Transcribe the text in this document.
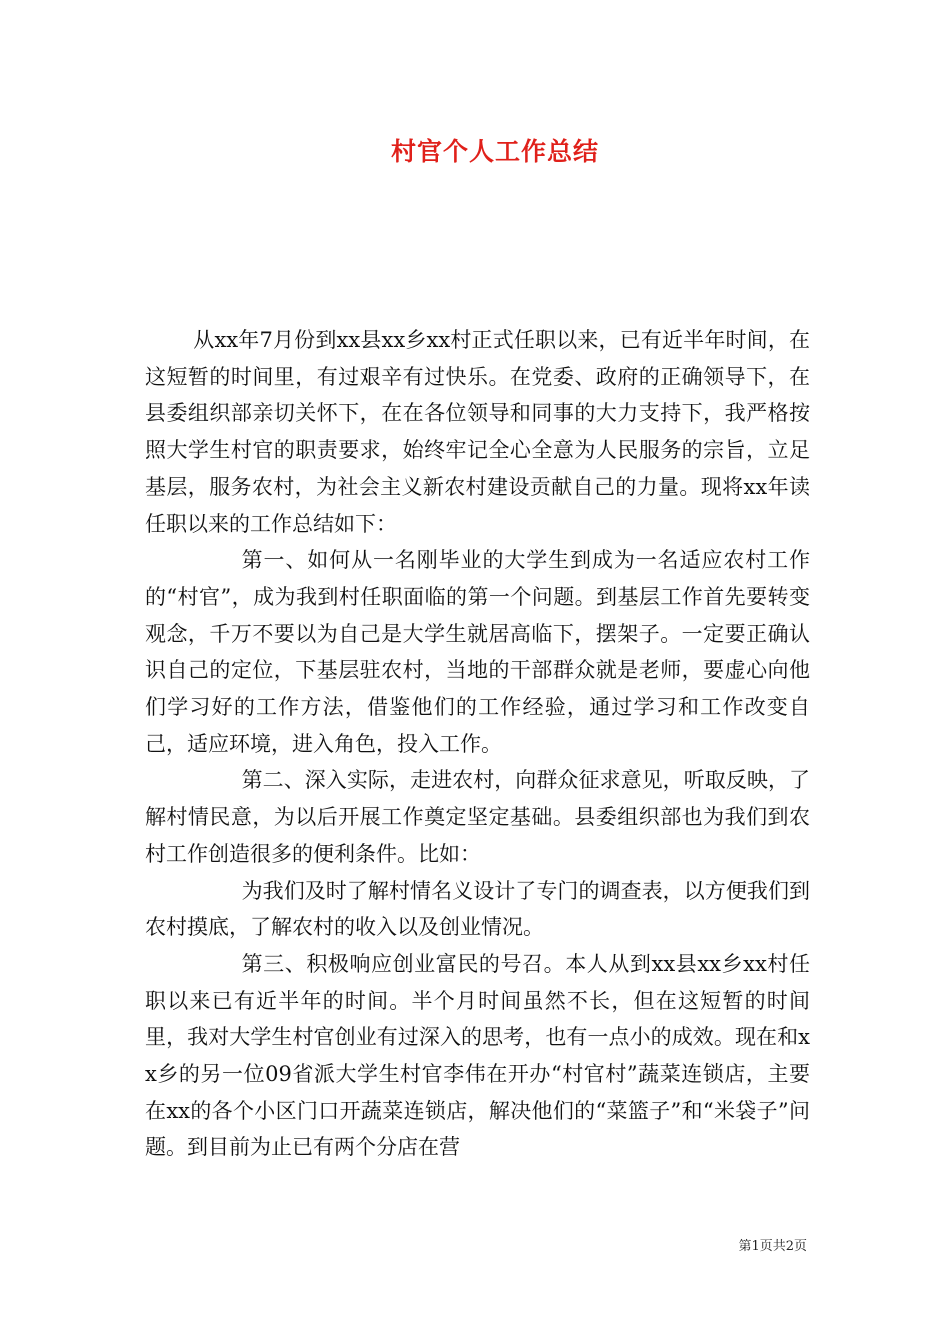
村官个人工作总结

从xx年7月份到xx县xx乡xx村正式任职以来，已有近半年时间，在这短暂的时间里，有过艰辛有过快乐。在党委、政府的正确领导下，在县委组织部亲切关怀下，在在各位领导和同事的大力支持下，我严格按照大学生村官的职责要求，始终牢记全心全意为人民服务的宗旨，立足基层，服务农村，为社会主义新农村建设贡献自己的力量。现将xx年读任职以来的工作总结如下：

第一、如何从一名刚毕业的大学生到成为一名适应农村工作的“村官”，成为我到村任职面临的第一个问题。到基层工作首先要转变观念，千万不要以为自己是大学生就居高临下，摆架子。一定要正确认识自己的定位，下基层驻农村，当地的干部群众就是老师，要虚心向他们学习好的工作方法，借鉴他们的工作经验，通过学习和工作改变自己，适应环境，进入角色，投入工作。

第二、深入实际，走进农村，向群众征求意见，听取反映，了解村情民意，为以后开展工作奠定坚定基础。县委组织部也为我们到农村工作创造很多的便利条件。比如：

为我们及时了解村情名义设计了专门的调查表，以方便我们到农村摸底，了解农村的收入以及创业情况。

第三、积极响应创业富民的号召。本人从到xx县xx乡xx村任职以来已有近半年的时间。半个月时间虽然不长，但在这短暂的时间里，我对大学生村官创业有过深入的思考，也有一点小的成效。现在和xx乡的另一位09省派大学生村官李伟在开办“村官村”蔬菜连锁店，主要在xx的各个小区门口开蔬菜连锁店，解决他们的“菜篮子”和“米袋子”问题。到目前为止已有两个分店在营

第1页共2页
